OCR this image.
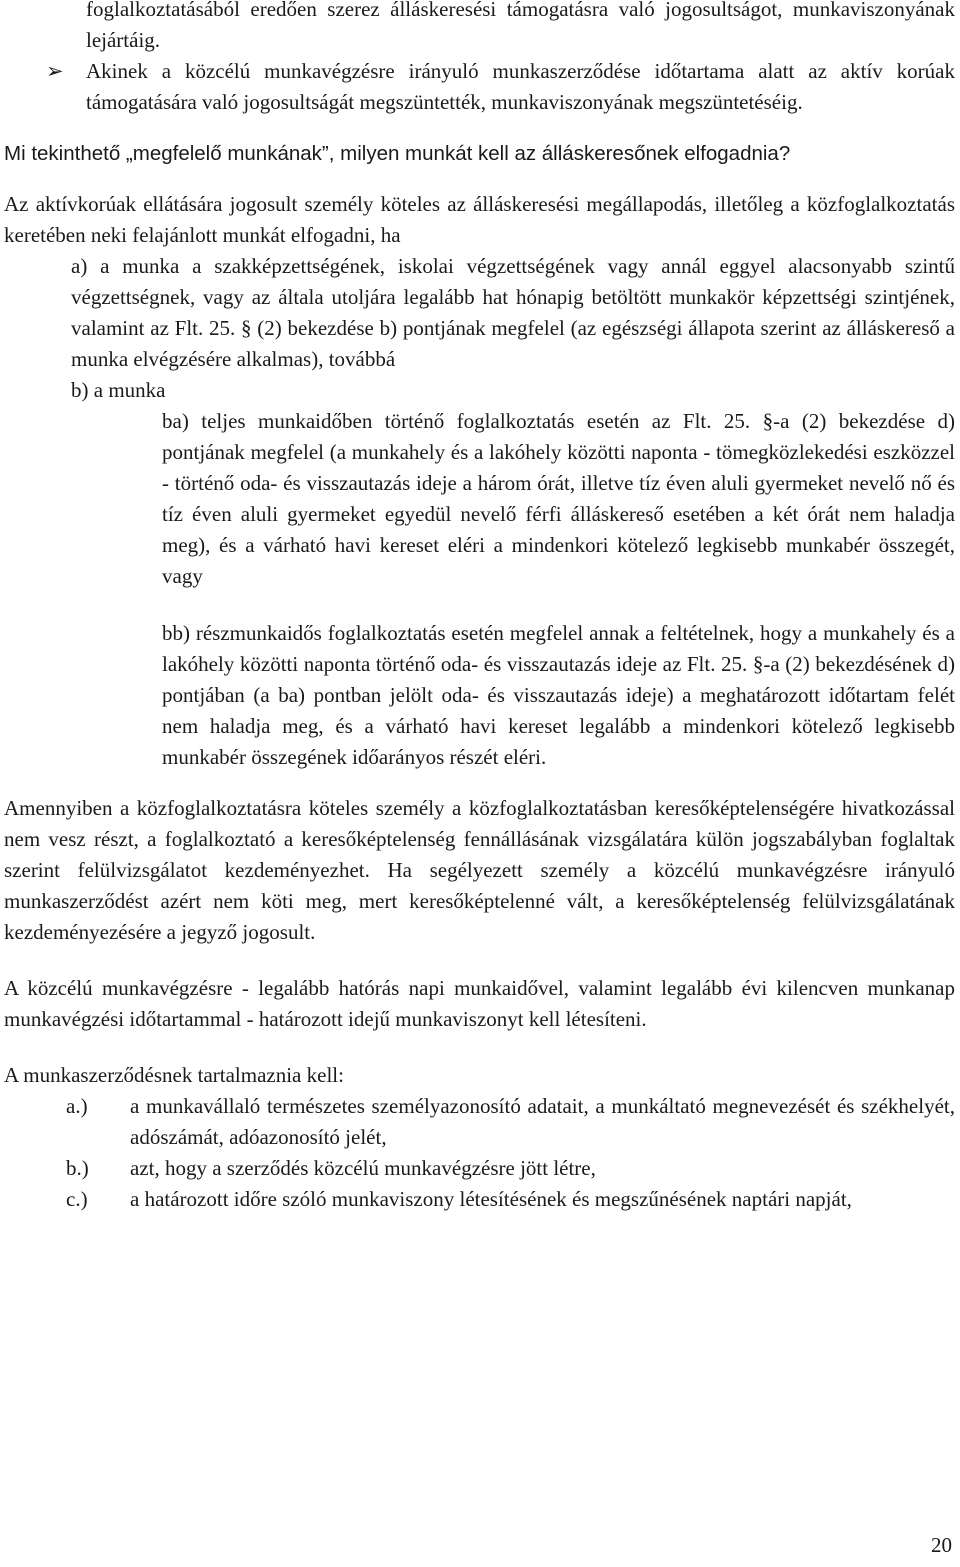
foglalkoztatásából eredően szerez álláskeresési támogatásra való jogosultságot, munkaviszonyának lejártáig.

➢	Akinek a közcélú munkavégzésre irányuló munkaszerződése időtartama alatt az aktív korúak támogatására való jogosultságát megszüntették, munkaviszonyának megszüntetéséig.

Mi tekinthető „megfelelő munkának”, milyen munkát kell az álláskeresőnek elfogadnia?

Az aktívkorúak ellátására jogosult személy köteles az álláskeresési megállapodás, illetőleg a közfoglalkoztatás keretében neki felajánlott munkát elfogadni, ha

a) a munka a szakképzettségének, iskolai végzettségének vagy annál eggyel alacsonyabb szintű végzettségnek, vagy az általa utoljára legalább hat hónapig betöltött munkakör képzettségi szintjének, valamint az Flt. 25. § (2) bekezdése b) pontjának megfelel (az egészségi állapota szerint az álláskereső a munka elvégzésére alkalmas), továbbá

b) a munka

ba) teljes munkaidőben történő foglalkoztatás esetén az Flt. 25. §-a (2) bekezdése d) pontjának megfelel (a munkahely és a lakóhely közötti naponta - tömegközlekedési eszközzel - történő oda- és visszautazás ideje a három órát, illetve tíz éven aluli gyermeket nevelő nő és tíz éven aluli gyermeket egyedül nevelő férfi álláskereső esetében a két órát nem haladja meg), és a várható havi kereset eléri a mindenkori kötelező legkisebb munkabér összegét, vagy

bb) részmunkaidős foglalkoztatás esetén megfelel annak a feltételnek, hogy a munkahely és a lakóhely közötti naponta történő oda- és visszautazás ideje az Flt. 25. §-a (2) bekezdésének d) pontjában (a ba) pontban jelölt oda- és visszautazás ideje) a meghatározott időtartam felét nem haladja meg, és a várható havi kereset legalább a mindenkori kötelező legkisebb munkabér összegének időarányos részét eléri.

Amennyiben a közfoglalkoztatásra köteles személy a közfoglalkoztatásban keresőképtelenségére hivatkozással nem vesz részt, a foglalkoztató a keresőképtelenség fennállásának vizsgálatára külön jogszabályban foglaltak szerint felülvizsgálatot kezdeményezhet. Ha segélyezett személy a közcélú munkavégzésre irányuló munkaszerződést azért nem köti meg, mert keresőképtelenné vált, a keresőképtelenség felülvizsgálatának kezdeményezésére a jegyző jogosult.

A közcélú munkavégzésre - legalább hatórás napi munkaidővel, valamint legalább évi kilencven munkanap munkavégzési időtartammal - határozott idejű munkaviszonyt kell létesíteni.

A munkaszerződésnek tartalmaznia kell:

a.) a munkavállaló természetes személyazonosító adatait, a munkáltató megnevezését és székhelyét, adószámát, adóazonosító jelét,
b.) azt, hogy a szerződés közcélú munkavégzésre jött létre,
c.) a határozott időre szóló munkaviszony létesítésének és megszűnésének naptári napját,
20
